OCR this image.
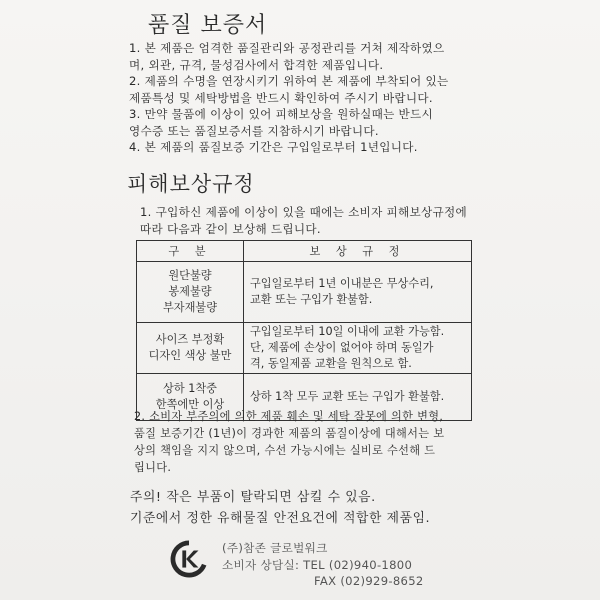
품질 보증서

1. 본 제품은 엄격한 품질관리와 공정관리를 거쳐 제작하였으

며, 외관, 규격, 물성검사에서 합격한 제품입니다.

2. 제품의 수명을 연장시키기 위하여 본 제품에 부착되어 있는

제품특성 및 세탁방법을 반드시 확인하여 주시기 바랍니다.

3. 만약 물품에 이상이 있어 피해보상을 원하실때는 반드시

영수증 또는 품질보증서를 지참하시기 바랍니다.

4. 본 제품의 품질보증 기간은 구입일로부터 1년입니다.

피해보상규정

1. 구입하신 제품에 이상이 있을 때에는 소비자 피해보상규정에

따라 다음과 같이 보상해 드립니다.

구 분	보 상 규 정

원단불량
봉제불량
부자재불량	구입일로부터 1년 이내분은 무상수리,
교환 또는 구입가 환불함.

사이즈 부정확
디자인 색상 불만	구입일로부터 10일 이내에 교환 가능함.
단, 제품에 손상이 없어야 하며 동일가
격, 동일제품 교환을 원칙으로 함.

상하 1착중
한쪽에만 이상	상하 1착 모두 교환 또는 구입가 환불함.

2. 소비자 부주의에 의한 제품 훼손 및 세탁 잘못에 의한 변형,

품질 보증기간 (1년)이 경과한 제품의 품질이상에 대해서는 보

상의 책임을 지지 않으며, 수선 가능시에는 실비로 수선해 드

립니다.

주의! 작은 부품이 탈락되면 삼킬 수 있음.

기준에서 정한 유해물질 안전요건에 적합한 제품임.

(주)참존 글로벌워크

소비자 상담실: TEL (02)940-1800

FAX (02)929-8652
